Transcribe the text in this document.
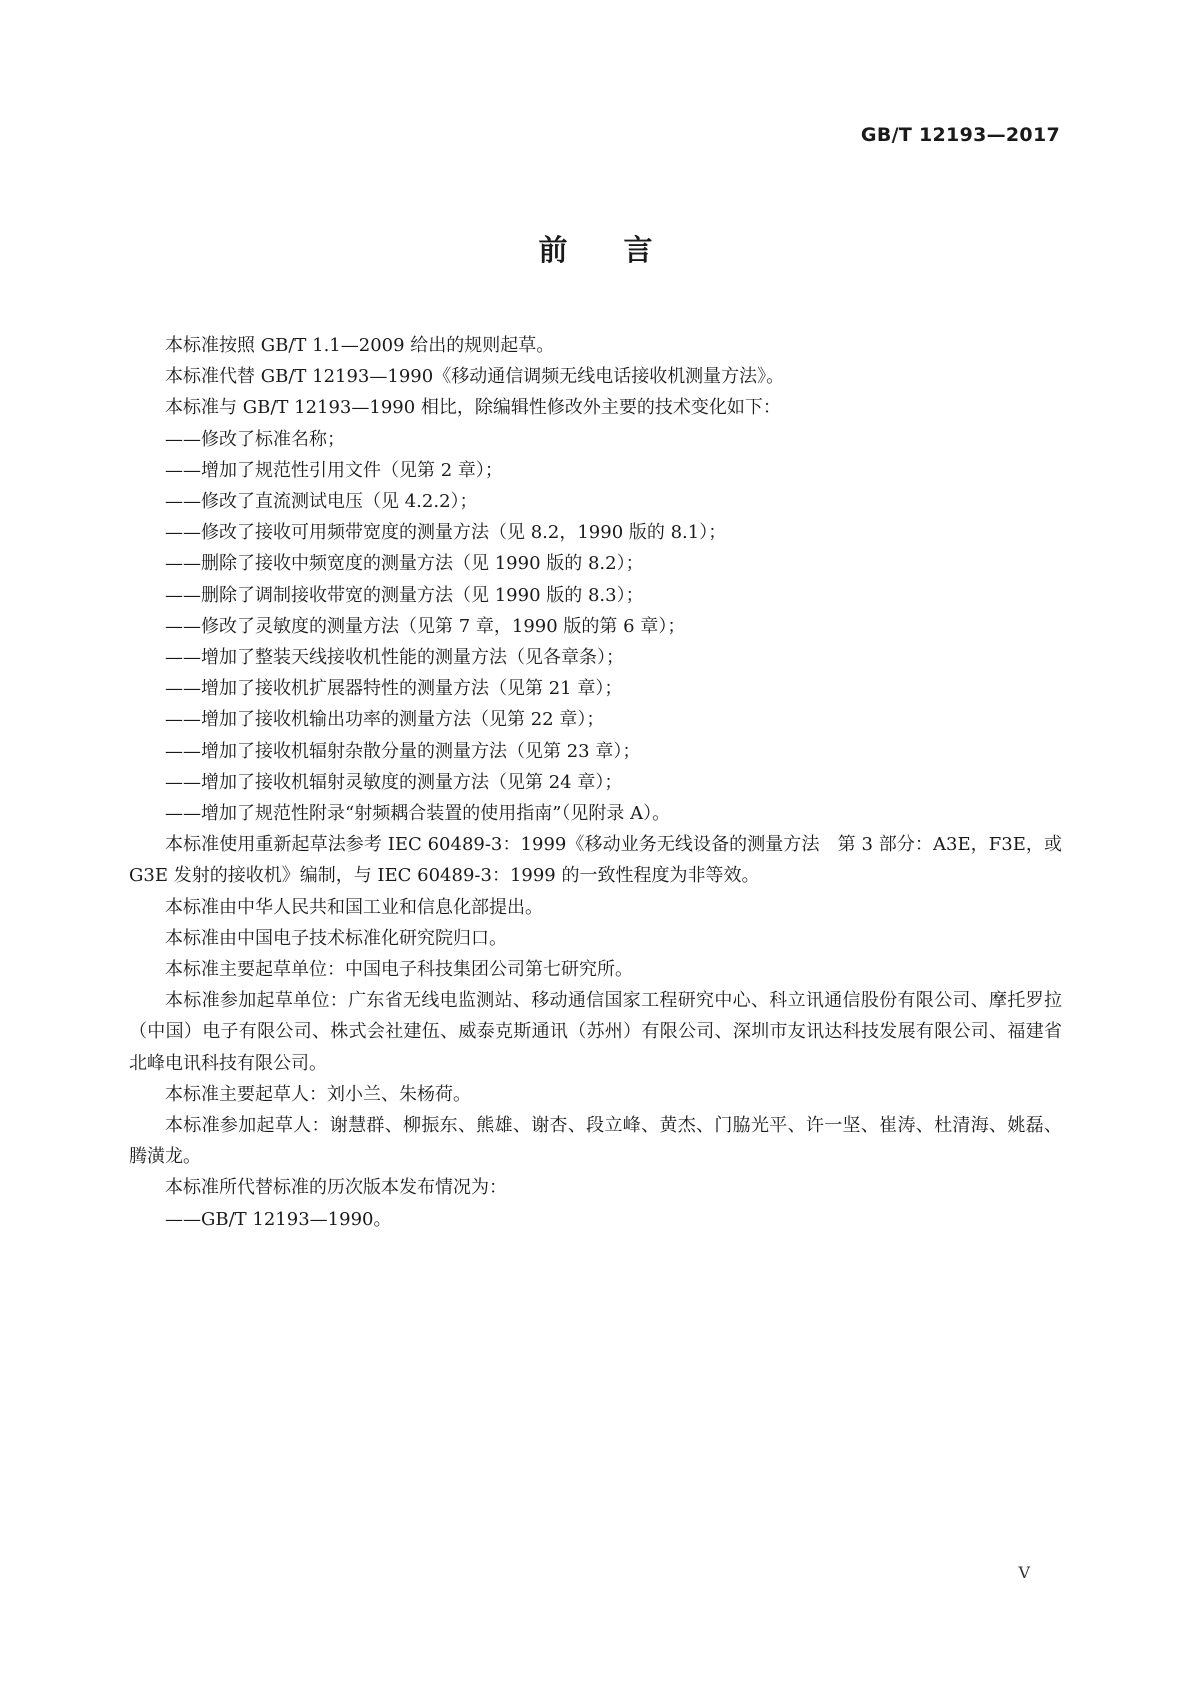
GB/T 12193—2017
前言

本标准按照 GB/T 1.1—2009 给出的规则起草。

本标准代替 GB/T 12193—1990《移动通信调频无线电话接收机测量方法》。

本标准与 GB/T 12193—1990 相比，除编辑性修改外主要的技术变化如下：

——修改了标准名称；

——增加了规范性引用文件（见第 2 章）；

——修改了直流测试电压（见 4.2.2）；

——修改了接收可用频带宽度的测量方法（见 8.2，1990 版的 8.1）；

——删除了接收中频宽度的测量方法（见 1990 版的 8.2）；

——删除了调制接收带宽的测量方法（见 1990 版的 8.3）；

——修改了灵敏度的测量方法（见第 7 章，1990 版的第 6 章）；

——增加了整装天线接收机性能的测量方法（见各章条）；

——增加了接收机扩展器特性的测量方法（见第 21 章）；

——增加了接收机输出功率的测量方法（见第 22 章）；

——增加了接收机辐射杂散分量的测量方法（见第 23 章）；

——增加了接收机辐射灵敏度的测量方法（见第 24 章）；

——增加了规范性附录“射频耦合装置的使用指南”（见附录 A）。

本标准使用重新起草法参考 IEC 60489-3：1999《移动业务无线设备的测量方法　第 3 部分：A3E，F3E，或 G3E 发射的接收机》编制，与 IEC 60489-3：1999 的一致性程度为非等效。

本标准由中华人民共和国工业和信息化部提出。

本标准由中国电子技术标准化研究院归口。

本标准主要起草单位：中国电子科技集团公司第七研究所。

本标准参加起草单位：广东省无线电监测站、移动通信国家工程研究中心、科立讯通信股份有限公司、摩托罗拉（中国）电子有限公司、株式会社建伍、威泰克斯通讯（苏州）有限公司、深圳市友讯达科技发展有限公司、福建省北峰电讯科技有限公司。

本标准主要起草人：刘小兰、朱杨荷。

本标准参加起草人：谢慧群、柳振东、熊雄、谢杏、段立峰、黄杰、门脇光平、许一坚、崔涛、杜清海、姚磊、腾潢龙。

本标准所代替标准的历次版本发布情况为：

——GB/T 12193—1990。

V
